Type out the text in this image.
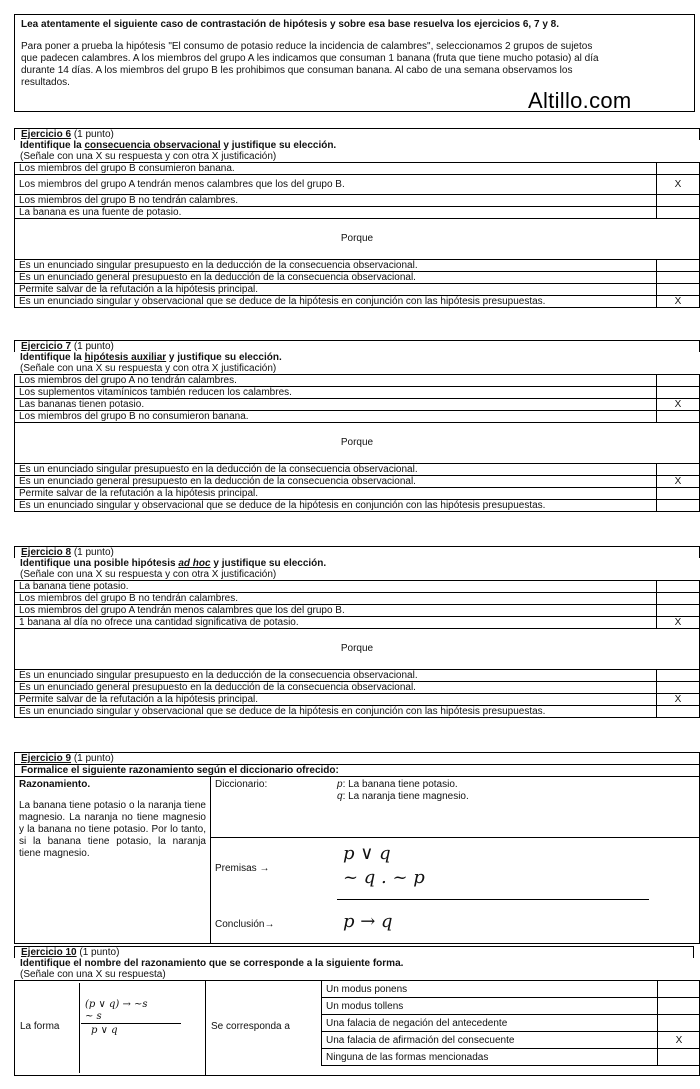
Lea atentamente el siguiente caso de contrastación de hipótesis y sobre esa base resuelva los ejercicios 6, 7 y 8.
Para poner a prueba la hipótesis "El consumo de potasio reduce la incidencia de calambres", seleccionamos 2 grupos de sujetos
que padecen calambres. A los miembros del grupo A les indicamos que consuman 1 banana (fruta que tiene mucho potasio) al día
durante 14 días. A los miembros del grupo B les prohibimos que consuman banana. Al cabo de una semana observamos los
resultados.
Altillo.com
Ejercicio 6 (1 punto)
Identifique la consecuencia observacional y justifique su elección.
(Señale con una X su respuesta y con otra X justificación)
Los miembros del grupo B consumieron banana.	
Los miembros del grupo A tendrán menos calambres que los del grupo B.	X
Los miembros del grupo B no tendrán calambres.	
La banana es una fuente de potasio.	
Porque
Es un enunciado singular presupuesto en la deducción de la consecuencia observacional.	
Es un enunciado general presupuesto en la deducción de la consecuencia observacional.	
Permite salvar de la refutación a la hipótesis principal.	
Es un enunciado singular y observacional que se deduce de la hipótesis en conjunción con las hipótesis presupuestas.	X
Ejercicio 7 (1 punto)
Identifique la hipótesis auxiliar y justifique su elección.
(Señale con una X su respuesta y con otra X justificación)
Los miembros del grupo A no tendrán calambres.	
Los suplementos vitamínicos también reducen los calambres.	
Las bananas tienen potasio.	X
Los miembros del grupo B no consumieron banana.	
Porque
Es un enunciado singular presupuesto en la deducción de la consecuencia observacional.	
Es un enunciado general presupuesto en la deducción de la consecuencia observacional.	X
Permite salvar de la refutación a la hipótesis principal.	
Es un enunciado singular y observacional que se deduce de la hipótesis en conjunción con las hipótesis presupuestas.	
Ejercicio 8 (1 punto)
Identifique una posible hipótesis ad hoc y justifique su elección.
(Señale con una X su respuesta y con otra X justificación)
La banana tiene potasio.	
Los miembros del grupo B no tendrán calambres.	
Los miembros del grupo A tendrán menos calambres que los del grupo B.	
1 banana al día no ofrece una cantidad significativa de potasio.	X
Porque
Es un enunciado singular presupuesto en la deducción de la consecuencia observacional.	
Es un enunciado general presupuesto en la deducción de la consecuencia observacional.	
Permite salvar de la refutación a la hipótesis principal.	X
Es un enunciado singular y observacional que se deduce de la hipótesis en conjunción con las hipótesis presupuestas.	
Ejercicio 9 (1 punto)
Formalice el siguiente razonamiento según el diccionario ofrecido:
Razonamiento.
La banana tiene potasio o la naranja tiene magnesio. La naranja no tiene magnesio y la banana no tiene potasio. Por lo tanto, si la banana tiene potasio, la naranja tiene magnesio.
Diccionario:	p: La banana tiene potasio.
q: La naranja tiene magnesio.
Premisas →
p ∨ q
~ q . ~ p
Conclusión→	p → q
Ejercicio 10 (1 punto)
Identifique el nombre del razonamiento que se corresponde a la siguiente forma.
(Señale con una X su respuesta)
La forma
(p ∨ q) → ~s
~ s
p ∨ q	Se corresponda a
Un modus ponens	
Un modus tollens	
Una falacia de negación del antecedente	
Una falacia de afirmación del consecuente	X
Ninguna de las formas mencionadas	
